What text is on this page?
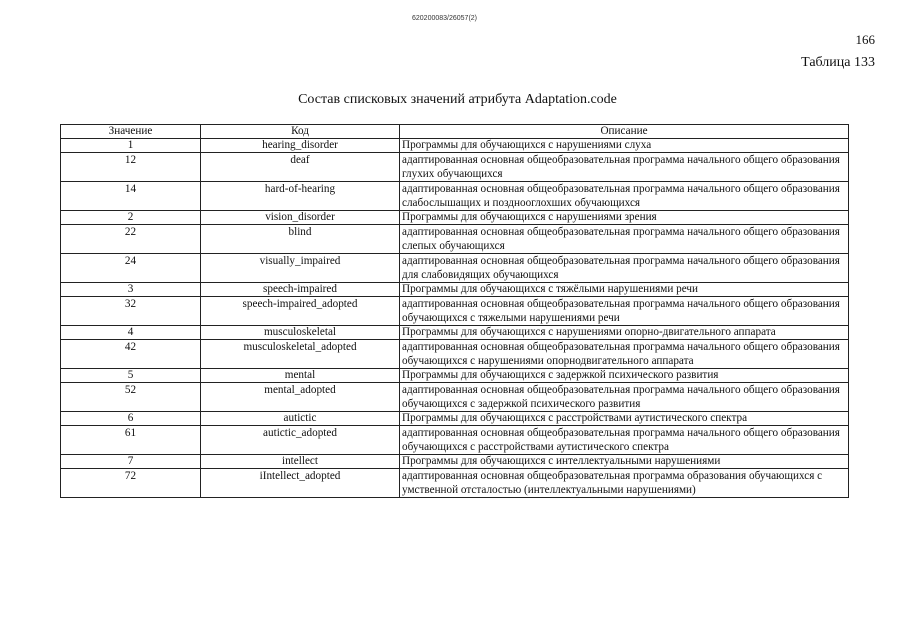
620200083/26057(2)
166
Таблица 133
Состав списковых значений атрибута Adaptation.code
Значение	Код	Описание
1	hearing_disorder	Программы для обучающихся с нарушениями слуха
12	deaf	адаптированная основная общеобразовательная программа начального общего образования глухих обучающихся
14	hard-of-hearing	адаптированная основная общеобразовательная программа начального общего образования слабослышащих и позднооглохших обучающихся
2	vision_disorder	Программы для обучающихся с нарушениями зрения
22	blind	адаптированная основная общеобразовательная программа начального общего образования слепых обучающихся
24	visually_impaired	адаптированная основная общеобразовательная программа начального общего образования для слабовидящих обучающихся
3	speech-impaired	Программы для обучающихся с тяжёлыми нарушениями речи
32	speech-impaired_adopted	адаптированная основная общеобразовательная программа начального общего образования обучающихся с тяжелыми нарушениями речи
4	musculoskeletal	Программы для обучающихся с нарушениями опорно-двигательного аппарата
42	musculoskeletal_adopted	адаптированная основная общеобразовательная программа начального общего образования обучающихся с нарушениями опорнодвигательного аппарата
5	mental	Программы для обучающихся с задержкой психического развития
52	mental_adopted	адаптированная основная общеобразовательная программа начального общего образования обучающихся с задержкой психического развития
6	autictic	Программы для обучающихся с расстройствами аутистического спектра
61	autictic_adopted	адаптированная основная общеобразовательная программа начального общего образования обучающихся с расстройствами аутистического спектра
7	intellect	Программы для обучающихся с интеллектуальными нарушениями
72	iIntellect_adopted	адаптированная основная общеобразовательная программа образования обучающихся с умственной отсталостью (интеллектуальными нарушениями)
